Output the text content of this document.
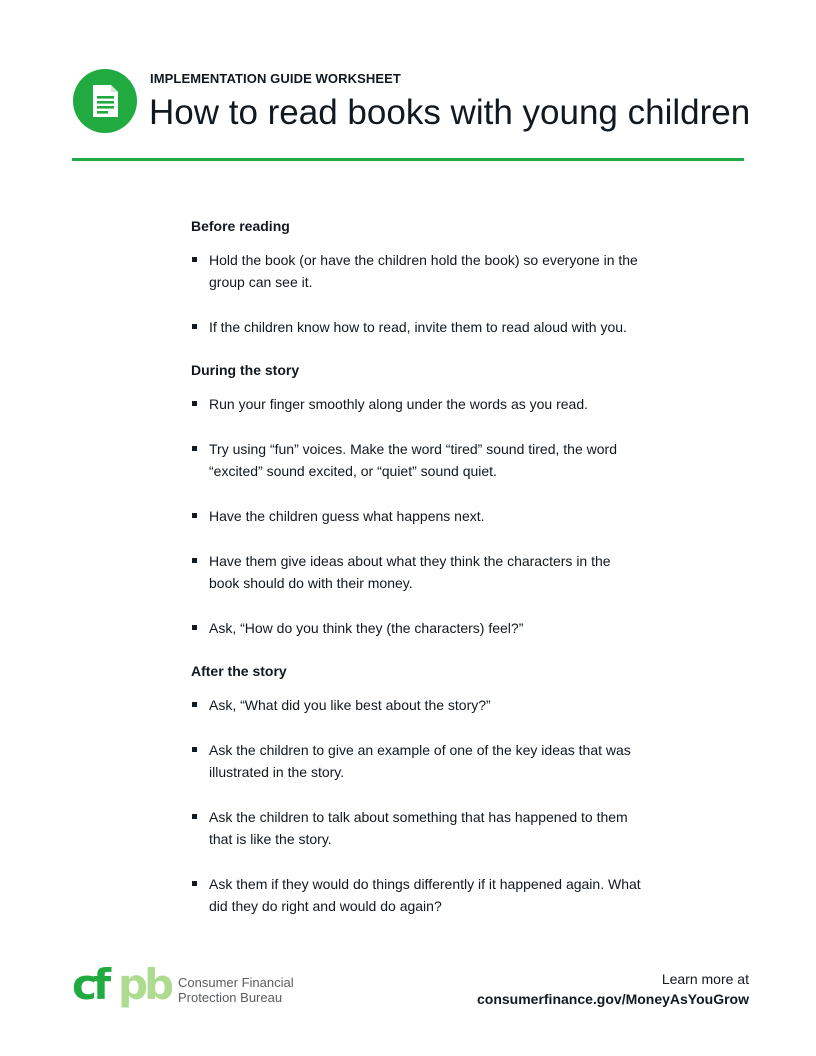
IMPLEMENTATION GUIDE WORKSHEET
How to read books with young children
Before reading
Hold the book (or have the children hold the book) so everyone in the group can see it.
If the children know how to read, invite them to read aloud with you.
During the story
Run your finger smoothly along under the words as you read.
Try using “fun” voices. Make the word “tired” sound tired, the word “excited” sound excited, or “quiet” sound quiet.
Have the children guess what happens next.
Have them give ideas about what they think the characters in the book should do with their money.
Ask, “How do you think they (the characters) feel?”
After the story
Ask, “What did you like best about the story?”
Ask the children to give an example of one of the key ideas that was illustrated in the story.
Ask the children to talk about something that has happened to them that is like the story.
Ask them if they would do things differently if it happened again. What did they do right and would do again?
cf pb Consumer Financial
Protection Bureau
Learn more at
consumerfinance.gov/MoneyAsYouGrow
